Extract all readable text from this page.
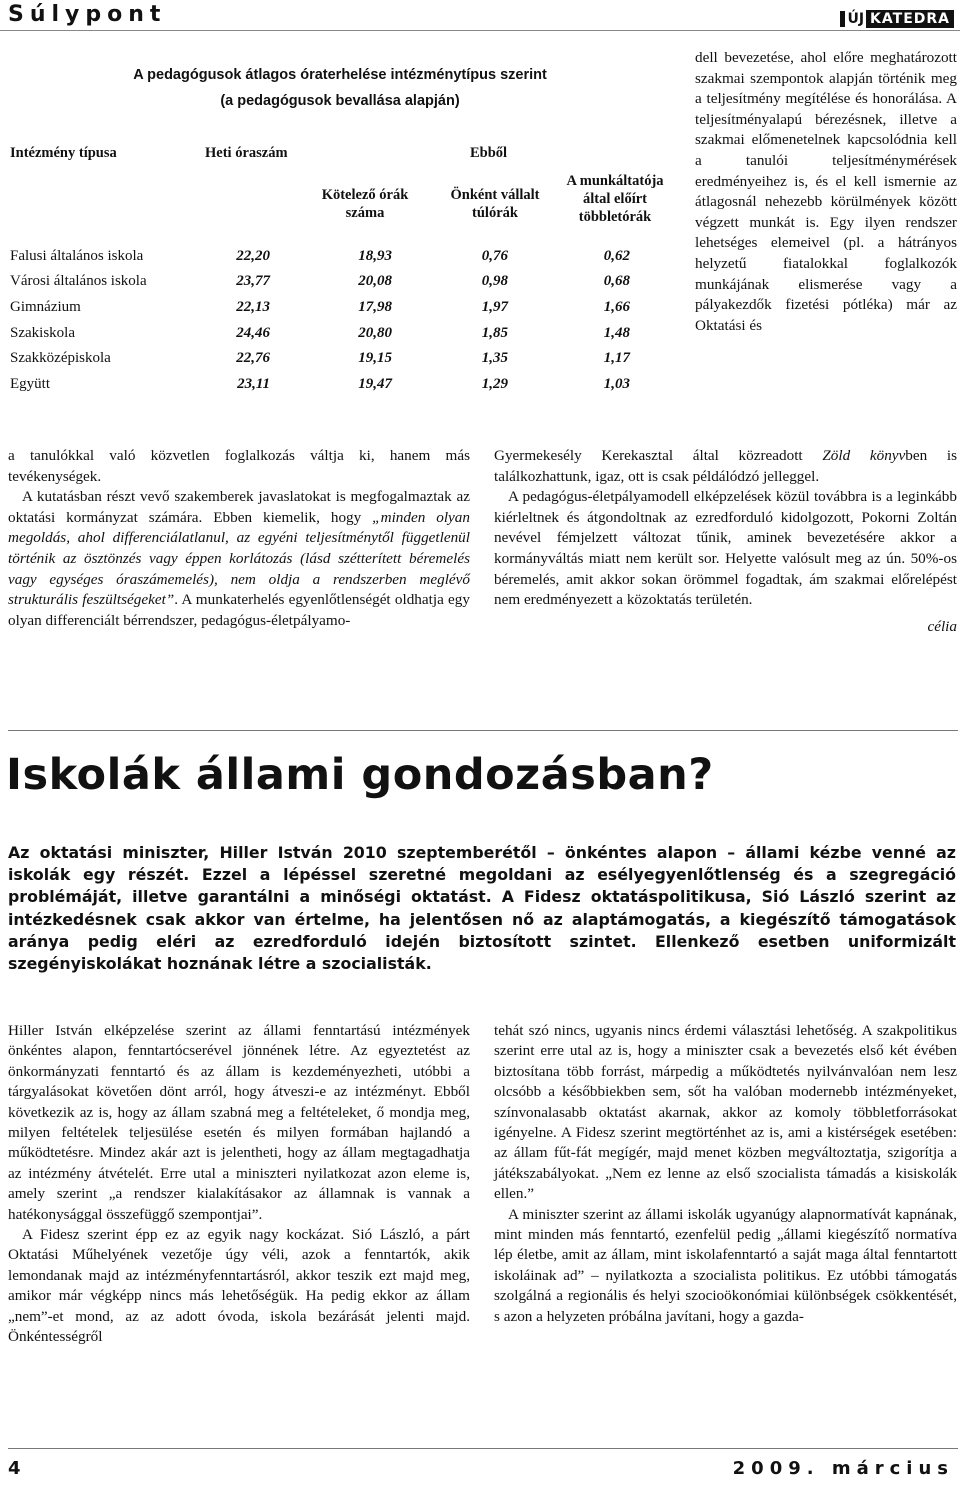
Súlypont	ÚJ KATEDRA
A pedagógusok átlagos óraterhelése intézménytípus szerint
(a pedagógusok bevallása alapján)
Intézmény típusa	Heti óraszám	Ebből
Kötelező órák száma
Önként vállalt túlórák
A munkáltatója által előírt többletórák
Falusi általános iskola	22,20	18,93	0,76	0,62
Városi általános iskola	23,77	20,08	0,98	0,68
Gimnázium	22,13	17,98	1,97	1,66
Szakiskola	24,46	20,80	1,85	1,48
Szakközépiskola	22,76	19,15	1,35	1,17
Együtt	23,11	19,47	1,29	1,03

dell bevezetése, ahol előre meghatározott szakmai szempontok alapján történik meg a teljesítmény megítélése és honorálása. A teljesítményalapú bérezésnek, illetve a szakmai előmenetelnek kapcsolódnia kell a tanulói teljesítménymérések eredményeihez is, és el kell ismernie az átlagosnál nehezebb körülmények között végzett munkát is. Egy ilyen rendszer lehetséges elemeivel (pl. a hátrányos helyzetű fiatalokkal foglalkozók munkájának elismerése vagy a pályakezdők fizetési pótléka) már az Oktatási és

a tanulókkal való közvetlen foglalkozás váltja ki, hanem más tevékenységek.

A kutatásban részt vevő szakemberek javaslatokat is megfogalmaztak az oktatási kormányzat számára. Ebben kiemelik, hogy „minden olyan megoldás, ahol differenciálatlanul, az egyéni teljesítménytől függetlenül történik az ösztönzés vagy éppen korlátozás (lásd szétterített béremelés vagy egységes óraszámemelés), nem oldja a rendszerben meglévő strukturális feszültségeket”. A munkaterhelés egyenlőtlenségét oldhatja egy olyan differenciált bérrendszer, pedagógus-életpályamo-

Gyermekesély Kerekasztal által közreadott Zöld könyvben is találkozhattunk, igaz, ott is csak példálódzó jelleggel.

A pedagógus-életpályamodell elképzelések közül továbbra is a leginkább kiérleltnek és átgondoltnak az ezredforduló kidolgozott, Pokorni Zoltán nevével fémjelzett változat tűnik, aminek bevezetésére akkor a kormányváltás miatt nem került sor. Helyette valósult meg az ún. 50%-os béremelés, amit akkor sokan örömmel fogadtak, ám szakmai előrelépést nem eredményezett a közoktatás területén.

célia

Iskolák állami gondozásban?
Az oktatási miniszter, Hiller István 2010 szeptemberétől – önkéntes alapon – állami kézbe venné az iskolák egy részét. Ezzel a lépéssel szeretné megoldani az esélyegyenlőtlenség és a szegregáció problémáját, illetve garantálni a minőségi oktatást. A Fidesz oktatáspolitikusa, Sió László szerint az intézkedésnek csak akkor van értelme, ha jelentősen nő az alaptámogatás, a kiegészítő támogatások aránya pedig eléri az ezredforduló idején biztosított szintet. Ellenkező esetben uniformizált szegényiskolákat hoznának létre a szocialisták.

Hiller István elképzelése szerint az állami fenntartású intézmények önkéntes alapon, fenntartócserével jönnének létre. Az egyeztetést az önkormányzati fenntartó és az állam is kezdeményezheti, utóbbi a tárgyalásokat követően dönt arról, hogy átveszi-e az intézményt. Ebből következik az is, hogy az állam szabná meg a feltételeket, ő mondja meg, milyen feltételek teljesülése esetén és milyen formában hajlandó a működtetésre. Mindez akár azt is jelentheti, hogy az állam megtagadhatja az intézmény átvételét. Erre utal a miniszteri nyilatkozat azon eleme is, amely szerint „a rendszer kialakításakor az államnak is vannak a hatékonysággal összefüggő szempontjai”.

A Fidesz szerint épp ez az egyik nagy kockázat. Sió László, a párt Oktatási Műhelyének vezetője úgy véli, azok a fenntartók, akik lemondanak majd az intézményfenntartásról, akkor teszik ezt majd meg, amikor már végképp nincs más lehetőségük. Ha pedig ekkor az állam „nem”-et mond, az az adott óvoda, iskola bezárását jelenti majd. Önkéntességről

tehát szó nincs, ugyanis nincs érdemi választási lehetőség. A szakpolitikus szerint erre utal az is, hogy a miniszter csak a bevezetés első két évében biztosítana több forrást, márpedig a működtetés nyilvánvalóan nem lesz olcsóbb a későbbiekben sem, sőt ha valóban modernebb intézményeket, színvonalasabb oktatást akarnak, akkor az komoly többletforrásokat igényelne. A Fidesz szerint megtörténhet az is, ami a kistérségek esetében: az állam fűt-fát megígér, majd menet közben megváltoztatja, szigorítja a játékszabályokat. „Nem ez lenne az első szocialista támadás a kisiskolák ellen.”

A miniszter szerint az állami iskolák ugyanúgy alapnormatívát kapnának, mint minden más fenntartó, ezenfelül pedig „állami kiegészítő normatíva lép életbe, amit az állam, mint iskolafenntartó a saját maga által fenntartott iskoláinak ad” – nyilatkozta a szocialista politikus. Ez utóbbi támogatás szolgálná a regionális és helyi szocioökonómiai különbségek csökkentését, s azon a helyzeten próbálna javítani, hogy a gazda-

4	2009. március
